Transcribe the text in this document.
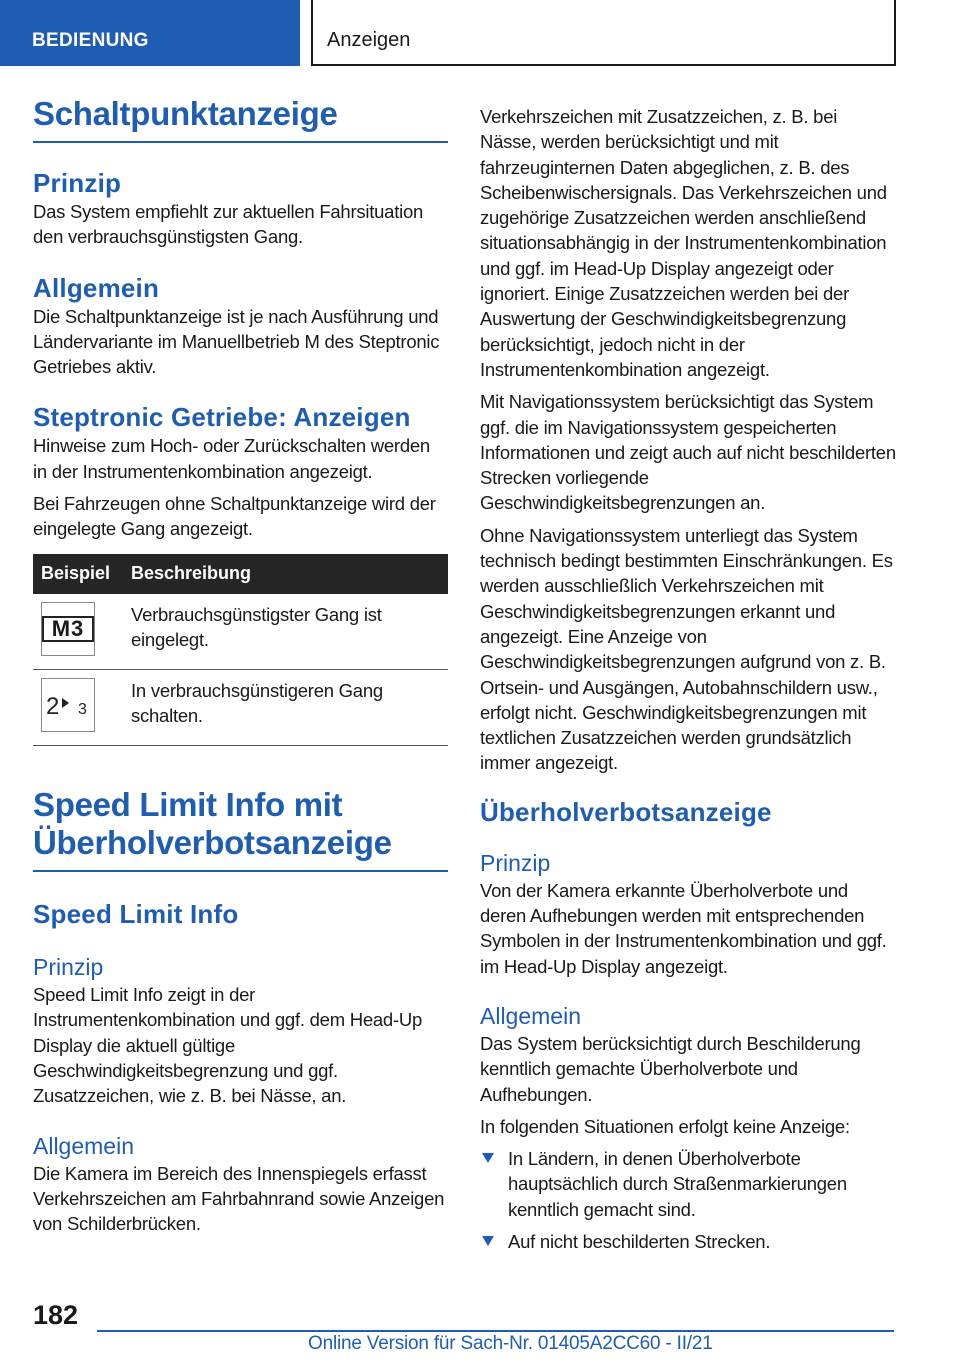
BEDIENUNG	Anzeigen
Schaltpunktanzeige
Prinzip

Das System empfiehlt zur aktuellen Fahrsituation den verbrauchsgünstigsten Gang.

Allgemein

Die Schaltpunktanzeige ist je nach Ausführung und Ländervariante im Manuellbetrieb M des Steptronic Getriebes aktiv.

Steptronic Getriebe: Anzeigen

Hinweise zum Hoch- oder Zurückschalten werden in der Instrumentenkombination angezeigt.

Bei Fahrzeugen ohne Schaltpunktanzeige wird der eingelegte Gang angezeigt.

Beispiel	Beschreibung

M3	Verbrauchsgünstigster Gang ist eingelegt.

2 3	In verbrauchsgünstigeren Gang schalten.
Speed Limit Info mit Überholverbotsanzeige
Speed Limit Info
Prinzip

Speed Limit Info zeigt in der Instrumentenkombination und ggf. dem Head-Up Display die aktuell gültige Geschwindigkeitsbegrenzung und ggf. Zusatzzeichen, wie z. B. bei Nässe, an.

Allgemein

Die Kamera im Bereich des Innenspiegels erfasst Verkehrszeichen am Fahrbahnrand sowie Anzeigen von Schilderbrücken.

Verkehrszeichen mit Zusatzzeichen, z. B. bei Nässe, werden berücksichtigt und mit fahrzeuginternen Daten abgeglichen, z. B. des Scheibenwischersignals. Das Verkehrszeichen und zugehörige Zusatzzeichen werden anschließend situationsabhängig in der Instrumentenkombination und ggf. im Head-Up Display angezeigt oder ignoriert. Einige Zusatzzeichen werden bei der Auswertung der Geschwindigkeitsbegrenzung berücksichtigt, jedoch nicht in der Instrumentenkombination angezeigt.

Mit Navigationssystem berücksichtigt das System ggf. die im Navigationssystem gespeicherten Informationen und zeigt auch auf nicht beschilderten Strecken vorliegende Geschwindigkeitsbegrenzungen an.

Ohne Navigationssystem unterliegt das System technisch bedingt bestimmten Einschränkungen. Es werden ausschließlich Verkehrszeichen mit Geschwindigkeitsbegrenzungen erkannt und angezeigt. Eine Anzeige von Geschwindigkeitsbegrenzungen aufgrund von z. B. Ortsein- und Ausgängen, Autobahnschildern usw., erfolgt nicht. Geschwindigkeitsbegrenzungen mit textlichen Zusatzzeichen werden grundsätzlich immer angezeigt.

Überholverbotsanzeige
Prinzip

Von der Kamera erkannte Überholverbote und deren Aufhebungen werden mit entsprechenden Symbolen in der Instrumentenkombination und ggf. im Head-Up Display angezeigt.

Allgemein

Das System berücksichtigt durch Beschilderung kenntlich gemachte Überholverbote und Aufhebungen.

In folgenden Situationen erfolgt keine Anzeige:

In Ländern, in denen Überholverbote hauptsächlich durch Straßenmarkierungen kenntlich gemacht sind.
Auf nicht beschilderten Strecken.
182
Online Version für Sach-Nr. 01405A2CC60 - II/21
